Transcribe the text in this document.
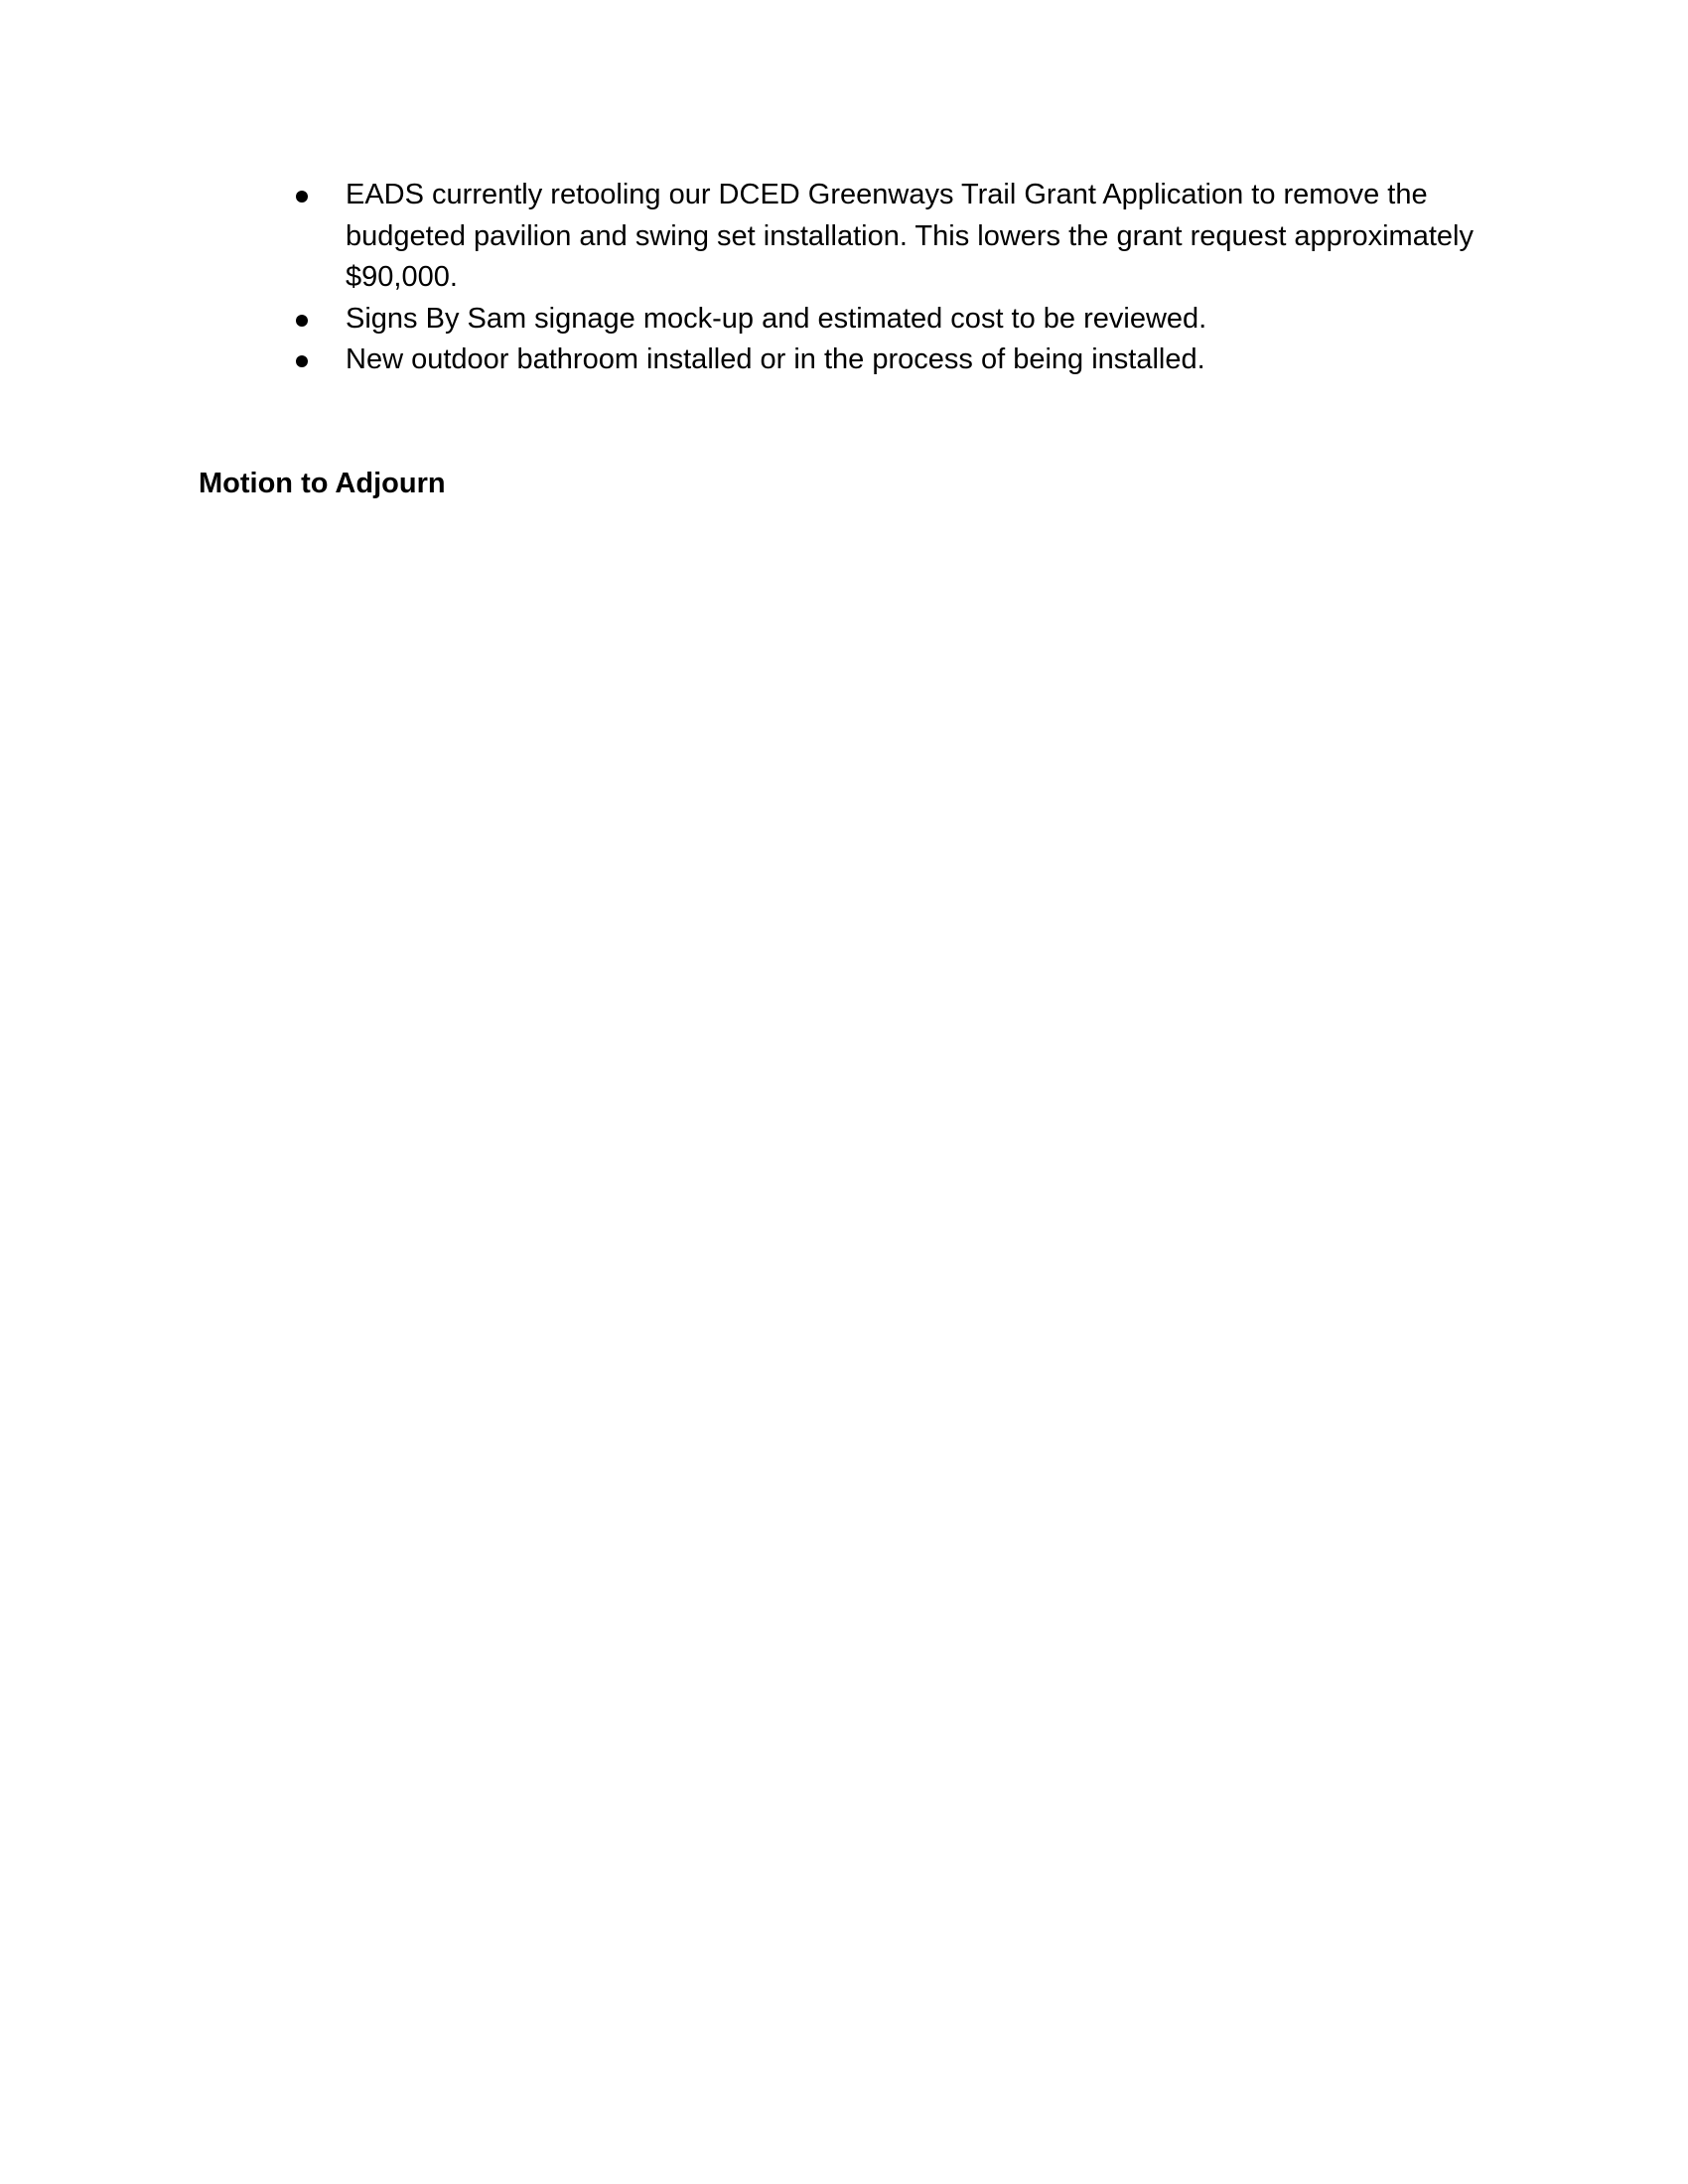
EADS currently retooling our DCED Greenways Trail Grant Application to remove the budgeted pavilion and swing set installation. This lowers the grant request approximately $90,000.
Signs By Sam signage mock-up and estimated cost to be reviewed.
New outdoor bathroom installed or in the process of being installed.
Motion to Adjourn
